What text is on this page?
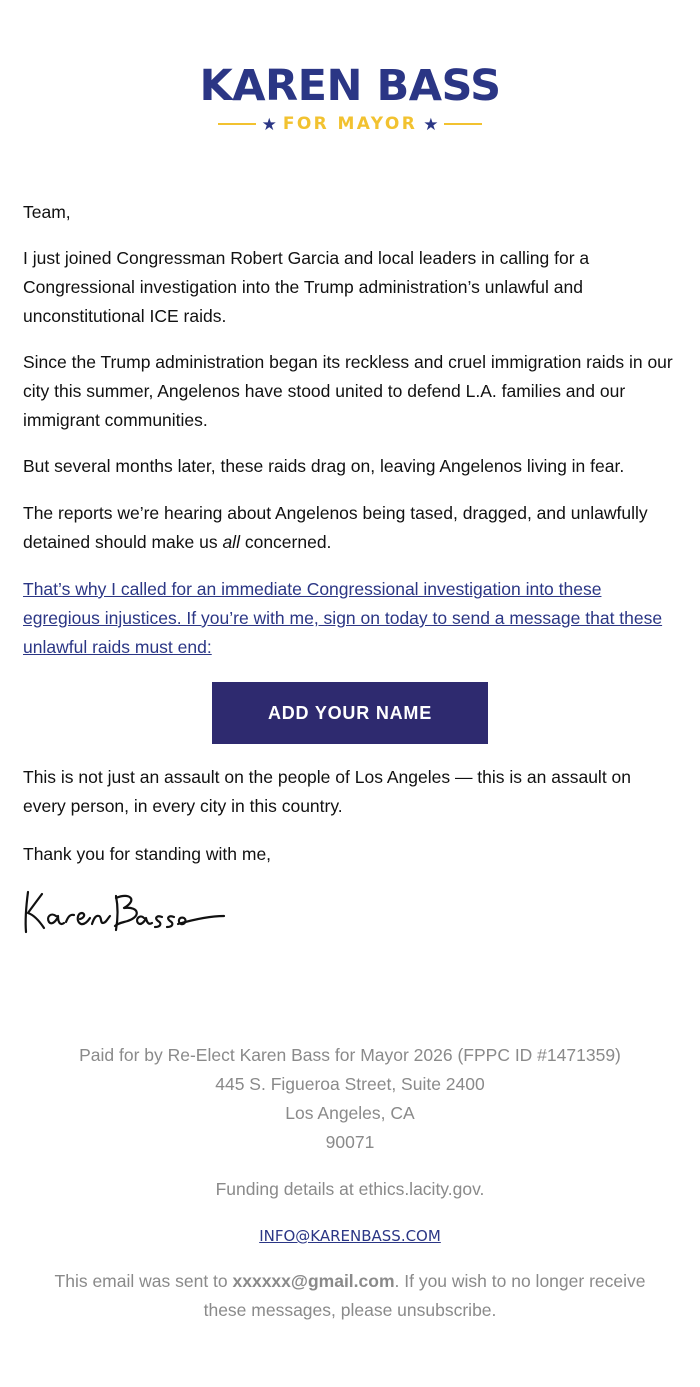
KAREN BASS
★ FOR MAYOR ★

Team,

I just joined Congressman Robert Garcia and local leaders in calling for a Congressional investigation into the Trump administration’s unlawful and unconstitutional ICE raids.

Since the Trump administration began its reckless and cruel immigration raids in our city this summer, Angelenos have stood united to defend L.A. families and our immigrant communities.

But several months later, these raids drag on, leaving Angelenos living in fear.

The reports we’re hearing about Angelenos being tased, dragged, and unlawfully detained should make us all concerned.

That’s why I called for an immediate Congressional investigation into these egregious injustices. If you’re with me, sign on today to send a message that these unlawful raids must end:

ADD YOUR NAME

This is not just an assault on the people of Los Angeles — this is an assault on every person, in every city in this country.

Thank you for standing with me,

Paid for by Re-Elect Karen Bass for Mayor 2026 (FPPC ID #1471359)
445 S. Figueroa Street, Suite 2400
Los Angeles, CA
90071
Funding details at ethics.lacity.gov.
INFO@KARENBASS.COM
This email was sent to xxxxxx@gmail.com. If you wish to no longer receive these messages, please unsubscribe.
